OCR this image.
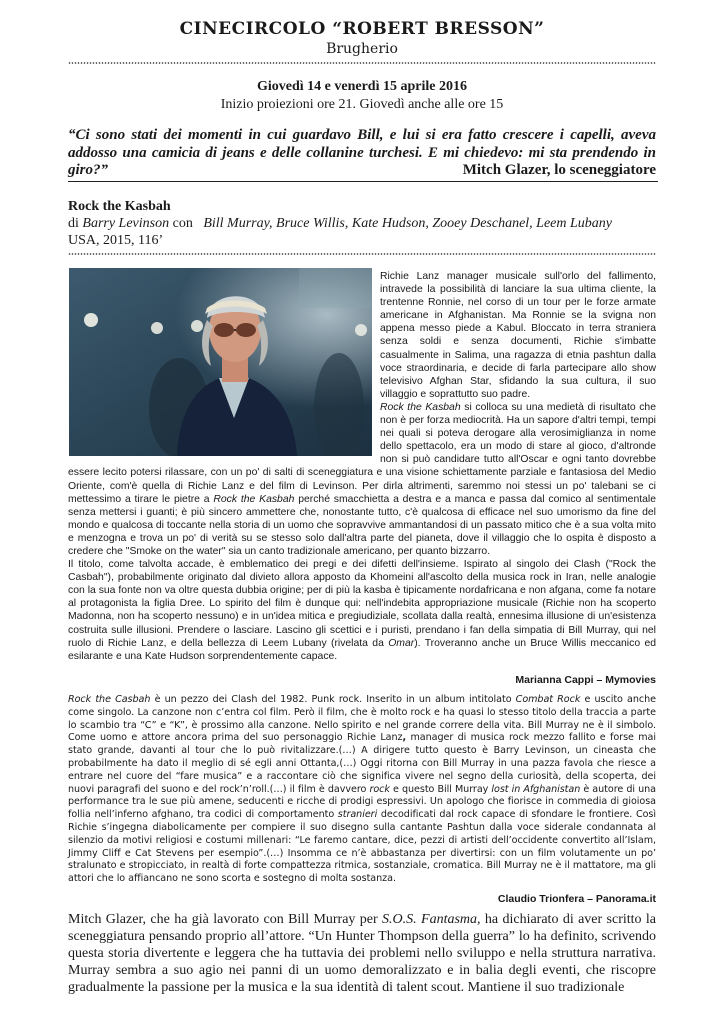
CINECIRCOLO “ROBERT BRESSON”
Brugherio
Giovedì 14 e venerdì 15 aprile 2016
Inizio proiezioni ore 21. Giovedì anche alle ore 15
“Ci sono stati dei momenti in cui guardavo Bill, e lui si era fatto crescere i capelli, aveva addosso una camicia di jeans e delle collanine turchesi. E mi chiedevo: mi sta prendendo in giro?”	Mitch Glazer, lo sceneggiatore
Rock the Kasbah
di Barry Levinson con   Bill Murray, Bruce Willis, Kate Hudson, Zooey Deschanel, Leem Lubany
USA, 2015, 116’

Richie Lanz manager musicale sull'orlo del fallimento, intravede la possibilità di lanciare la sua ultima cliente, la trentenne Ronnie, nel corso di un tour per le forze armate americane in Afghanistan. Ma Ronnie se la svigna non appena messo piede a Kabul. Bloccato in terra straniera senza soldi e senza documenti, Richie s'imbatte casualmente in Salima, una ragazza di etnia pashtun dalla voce straordinaria, e decide di farla partecipare allo show televisivo Afghan Star, sfidando la sua cultura, il suo villaggio e soprattutto suo padre.

Rock the Kasbah si colloca su una medietà di risultato che non è per forza mediocrità. Ha un sapore d'altri tempi, tempi nei quali si poteva derogare alla verosimiglianza in nome dello spettacolo, era un modo di stare al gioco, d'altronde non si può candidare tutto all'Oscar e ogni tanto dovrebbe essere lecito potersi rilassare, con un po' di salti di sceneggiatura e una visione schiettamente parziale e fantasiosa del Medio Oriente, com'è quella di Richie Lanz e del film di Levinson. Per dirla altrimenti, saremmo noi stessi un po' talebani se ci mettessimo a tirare le pietre a Rock the Kasbah perché smacchietta a destra e a manca e passa dal comico al sentimentale senza mettersi i guanti; è più sincero ammettere che, nonostante tutto, c'è qualcosa di efficace nel suo umorismo da fine del mondo e qualcosa di toccante nella storia di un uomo che sopravvive ammantandosi di un passato mitico che è a sua volta mito e menzogna e trova un po' di verità su se stesso solo dall'altra parte del pianeta, dove il villaggio che lo ospita è disposto a credere che "Smoke on the water" sia un canto tradizionale americano, per quanto bizzarro.

Il titolo, come talvolta accade, è emblematico dei pregi e dei difetti dell'insieme. Ispirato al singolo dei Clash ("Rock the Casbah"), probabilmente originato dal divieto allora apposto da Khomeini all'ascolto della musica rock in Iran, nelle analogie con la sua fonte non va oltre questa dubbia origine; per di più la kasba è tipicamente nordafricana e non afgana, come fa notare al protagonista la figlia Dree. Lo spirito del film è dunque qui: nell'indebita appropriazione musicale (Richie non ha scoperto Madonna, non ha scoperto nessuno) e in un'idea mitica e pregiudiziale, scollata dalla realtà, ennesima illusione di un'esistenza costruita sulle illusioni. Prendere o lasciare. Lascino gli scettici e i puristi, prendano i fan della simpatia di Bill Murray, qui nel ruolo di Richie Lanz, e della bellezza di Leem Lubany (rivelata da Omar). Troveranno anche un Bruce Willis meccanico ed esilarante e una Kate Hudson sorprendentemente capace.

Marianna Cappi – Mymovies

Rock the Casbah è un pezzo dei Clash del 1982. Punk rock. Inserito in un album intitolato Combat Rock e uscito anche come singolo. La canzone non c’entra col film. Però il film, che è molto rock e ha quasi lo stesso titolo della traccia a parte lo scambio tra “C” e “K”, è prossimo alla canzone. Nello spirito e nel grande correre della vita. Bill Murray ne è il simbolo. Come uomo e attore ancora prima del suo personaggio Richie Lanz, manager di musica rock mezzo fallito e forse mai stato grande, davanti al tour che lo può rivitalizzare.(…) A dirigere tutto questo è Barry Levinson, un cineasta che probabilmente ha dato il meglio di sé egli anni Ottanta,(…) Oggi ritorna con Bill Murray in una pazza favola che riesce a entrare nel cuore del “fare musica” e a raccontare ciò che significa vivere nel segno della curiosità, della scoperta, dei nuovi paragrafi del suono e del rock’n’roll.(…) il film è davvero rock e questo Bill Murray lost in Afghanistan è autore di una performance tra le sue più amene, seducenti e ricche di prodigi espressivi. Un apologo che fiorisce in commedia di gioiosa follia nell’inferno afghano, tra codici di comportamento stranieri decodificati dal rock capace di sfondare le frontiere. Così Richie s’ingegna diabolicamente per compiere il suo disegno sulla cantante Pashtun dalla voce siderale condannata al silenzio da motivi religiosi e costumi millenari: “Le faremo cantare, dice, pezzi di artisti dell’occidente convertito all’Islam, Jimmy Cliff e Cat Stevens per esempio”.(…) Insomma ce n’è abbastanza per divertirsi: con un film volutamente un po’ stralunato e stropicciato, in realtà di forte compattezza ritmica, sostanziale, cromatica. Bill Murray ne è il mattatore, ma gli attori che lo affiancano ne sono scorta e sostegno di molta sostanza.

Claudio Trionfera – Panorama.it

Mitch Glazer, che ha già lavorato con Bill Murray per S.O.S. Fantasma, ha dichiarato di aver scritto la sceneggiatura pensando proprio all’attore. “Un Hunter Thompson della guerra” lo ha definito, scrivendo questa storia divertente e leggera che ha tuttavia dei problemi nello sviluppo e nella struttura narrativa. Murray sembra a suo agio nei panni di un uomo demoralizzato e in balia degli eventi, che riscopre gradualmente la passione per la musica e la sua identità di talent scout. Mantiene il suo tradizionale
